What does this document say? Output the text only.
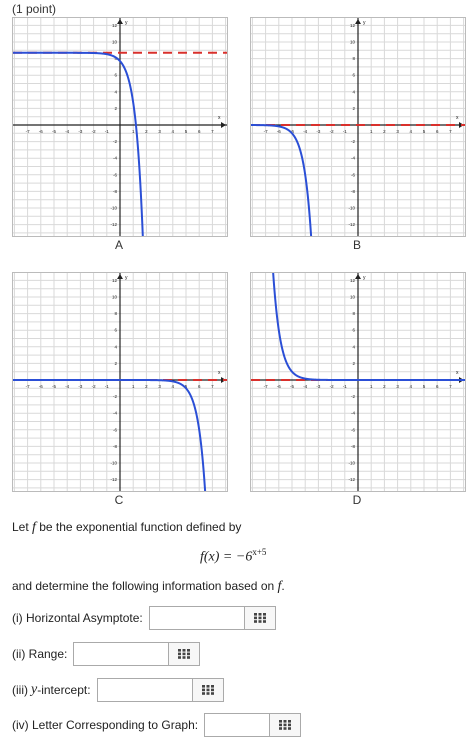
(1 point)
x
y
-7 -6 -5 -4 -3 -2 -1	1 2 3 4 5 6 7
12
10
8
6
4
2
-2
-4
-6
-8
-10
-12
A
x
y
-7 -6 -5 -4 -3 -2 -1	1 2 3 4 5 6 7
12
10
8
6
4
2
-2
-4
-6
-8
-10
-12
B
x
y
-7 -6 -5 -4 -3 -2 -1	1 2 3 4 5 6 7
12
10
8
6
4
2
-2
-4
-6
-8
-10
-12
C
x
y
-7 -6 -5 -4 -3 -2 -1	1 2 3 4 5 6 7
12
10
8
6
4
2
-2
-4
-6
-8
-10
-12
D
Let f be the exponential function defined by
$f(x) = -6^{x+5}$
and determine the following information based on f.
(i) Horizontal Asymptote:
(ii) Range:
(iii) y -intercept:
(iv) Letter Corresponding to Graph:
